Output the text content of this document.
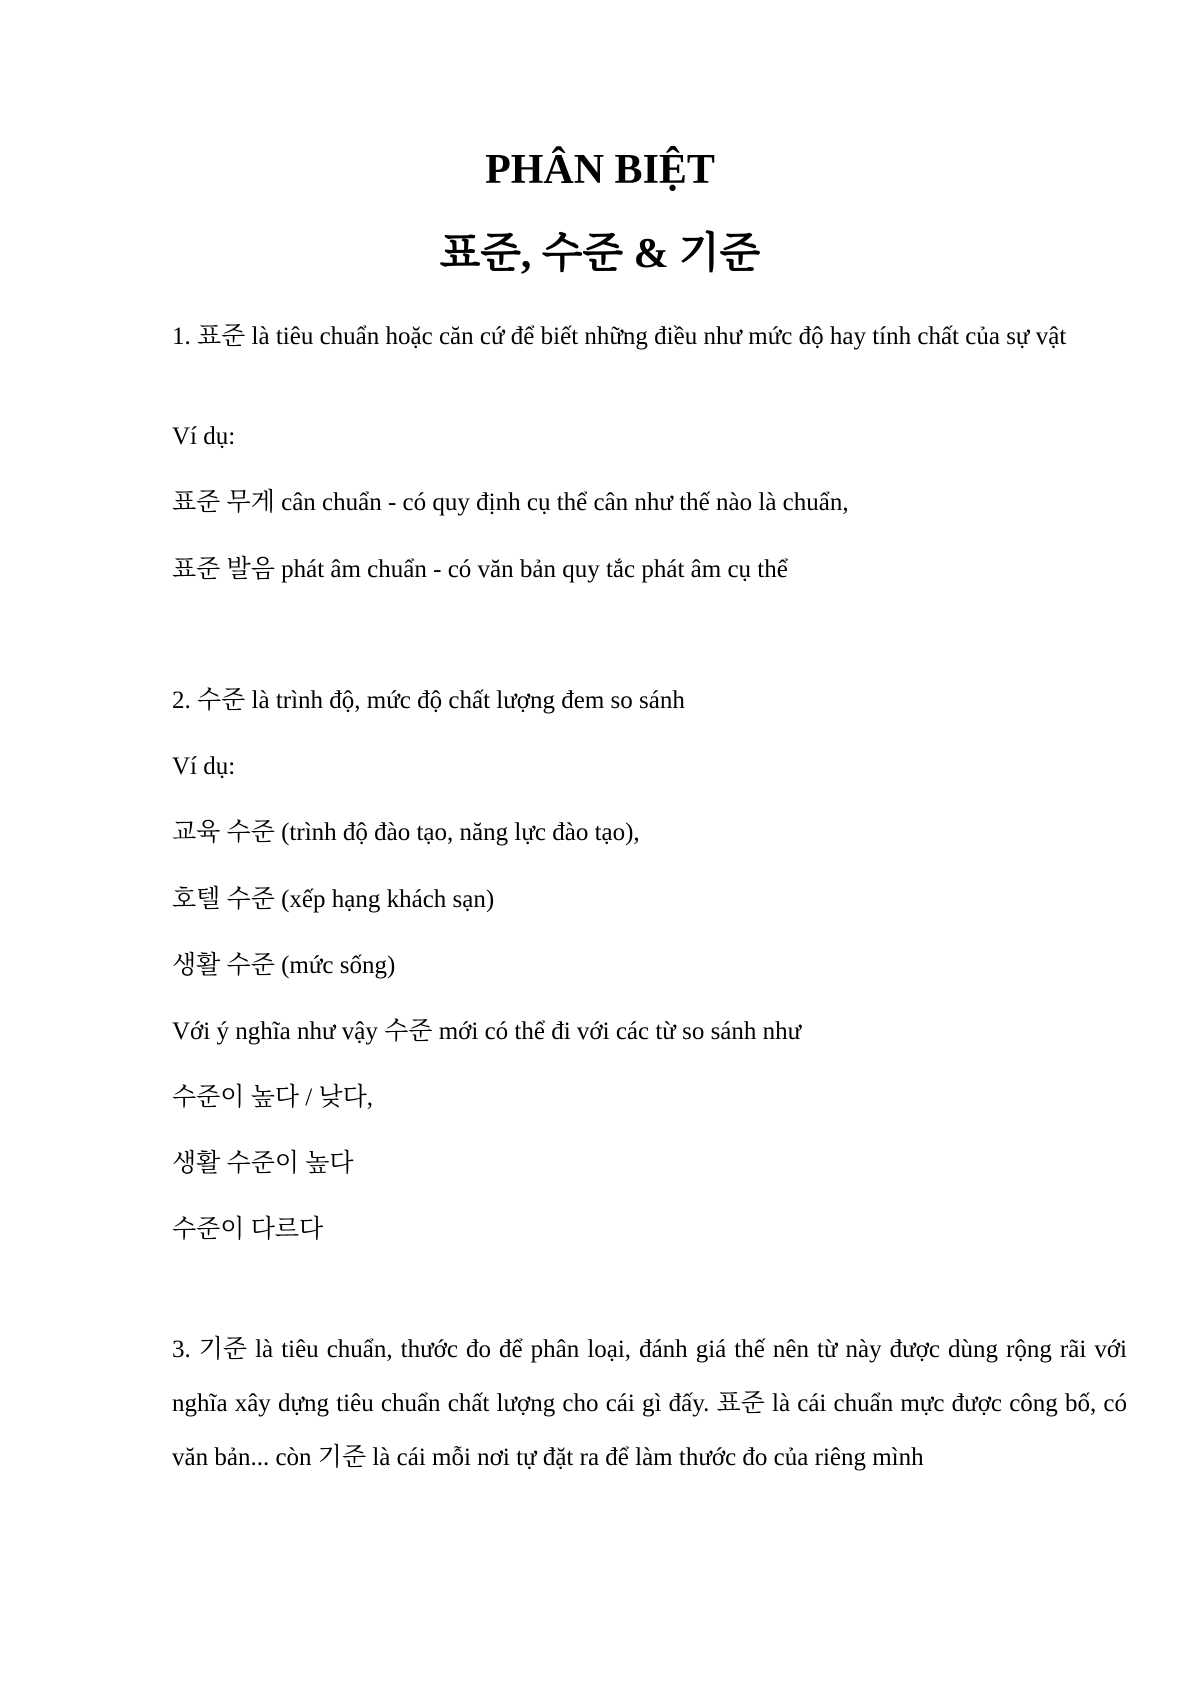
PHÂN BIỆT
표준, 수준 & 기준

1. 표준 là tiêu chuẩn hoặc căn cứ để biết những điều như mức độ hay tính chất của sự vật

Ví dụ:

표준 무게 cân chuẩn - có quy định cụ thể cân như thế nào là chuẩn,

표준 발음 phát âm chuẩn - có văn bản quy tắc phát âm cụ thể

2. 수준 là trình độ, mức độ chất lượng đem so sánh

Ví dụ:

교육 수준 (trình độ đào tạo, năng lực đào tạo),

호텔 수준 (xếp hạng khách sạn)

생활 수준 (mức sống)

Với ý nghĩa như vậy 수준 mới có thể đi với các từ so sánh như

수준이 높다 / 낮다,

생활 수준이 높다

수준이 다르다

3. 기준 là tiêu chuẩn, thước đo để phân loại, đánh giá thế nên từ này được dùng rộng rãi với nghĩa xây dựng tiêu chuẩn chất lượng cho cái gì đấy. 표준 là cái chuẩn mực được công bố, có văn bản... còn 기준 là cái mỗi nơi tự đặt ra để làm thước đo của riêng mình
